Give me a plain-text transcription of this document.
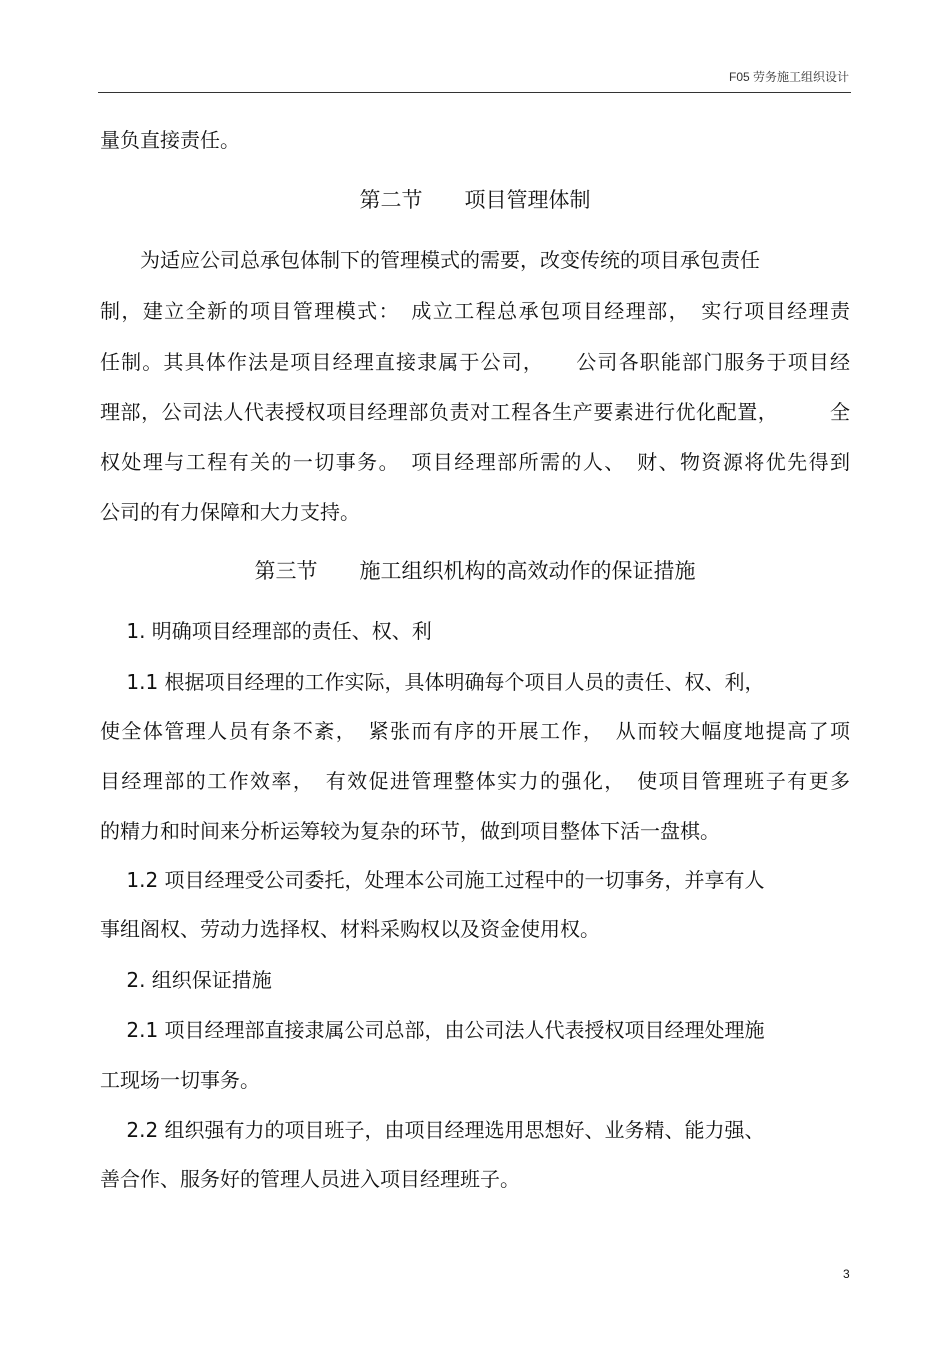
F05 劳务施工组织设计
量负直接责任。
第二节　　项目管理体制
　　为适应公司总承包体制下的管理模式的需要，改变传统的项目承包责任
制，建立全新的项目管理模式：　成立工程总承包项目经理部，　实行项目经理责
任制。其具体作法是项目经理直接隶属于公司，　　公司各职能部门服务于项目经
理部，公司法人代表授权项目经理部负责对工程各生产要素进行优化配置，　　　全
权处理与工程有关的一切事务。　项目经理部所需的人、　财、物资源将优先得到
公司的有力保障和大力支持。
第三节　　施工组织机构的高效动作的保证措施
　 1. 明确项目经理部的责任、权、利
　 1.1 根据项目经理的工作实际，具体明确每个项目人员的责任、权、利，
使全体管理人员有条不紊，　紧张而有序的开展工作，　从而较大幅度地提高了项
目经理部的工作效率，　有效促进管理整体实力的强化，　使项目管理班子有更多
的精力和时间来分析运筹较为复杂的环节，做到项目整体下活一盘棋。
　 1.2 项目经理受公司委托，处理本公司施工过程中的一切事务，并享有人
事组阁权、劳动力选择权、材料采购权以及资金使用权。
　 2. 组织保证措施
　 2.1 项目经理部直接隶属公司总部，由公司法人代表授权项目经理处理施
工现场一切事务。
　 2.2 组织强有力的项目班子，由项目经理选用思想好、业务精、能力强、
善合作、服务好的管理人员进入项目经理班子。
3
